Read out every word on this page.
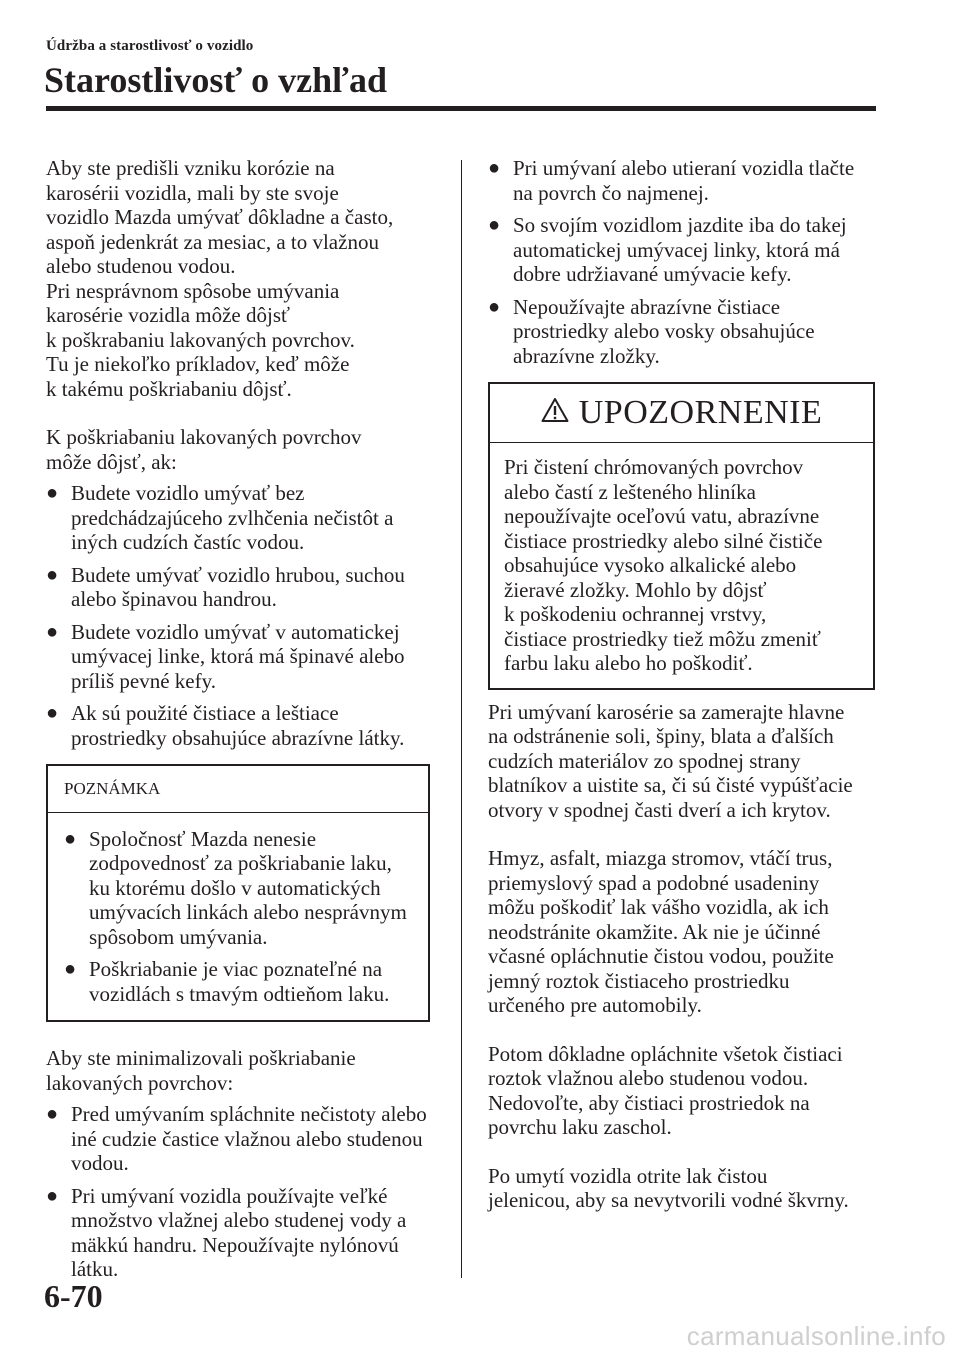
Údržba a starostlivosť o vozidlo
Starostlivosť o vzhľad
Aby ste predišli vzniku korózie na
karosérii vozidla, mali by ste svoje
vozidlo Mazda umývať dôkladne a často,
aspoň jedenkrát za mesiac, a to vlažnou
alebo studenou vodou.
Pri nesprávnom spôsobe umývania
karosérie vozidla môže dôjsť
k poškrabaniu lakovaných povrchov.
Tu je niekoľko príkladov, keď môže
k takému poškriabaniu dôjsť.
K poškriabaniu lakovaných povrchov
môže dôjsť, ak:
● Budete vozidlo umývať bez predchádzajúceho zvlhčenia nečistôt a iných cudzích častíc vodou.
● Budete umývať vozidlo hrubou, suchou alebo špinavou handrou.
● Budete vozidlo umývať v automatickej umývacej linke, ktorá má špinavé alebo príliš pevné kefy.
● Ak sú použité čistiace a leštiace prostriedky obsahujúce abrazívne látky.
POZNÁMKA
● Spoločnosť Mazda nenesie zodpovednosť za poškriabanie laku, ku ktorému došlo v automatických umývacích linkách alebo nesprávnym spôsobom umývania.
● Poškriabanie je viac poznateľné na vozidlách s tmavým odtieňom laku.
Aby ste minimalizovali poškriabanie
lakovaných povrchov:
● Pred umývaním spláchnite nečistoty alebo iné cudzie častice vlažnou alebo studenou vodou.
● Pri umývaní vozidla používajte veľké množstvo vlažnej alebo studenej vody a mäkkú handru. Nepoužívajte nylónovú látku.
● Pri umývaní alebo utieraní vozidla tlačte na povrch čo najmenej.
● So svojím vozidlom jazdite iba do takej automatickej umývacej linky, ktorá má dobre udržiavané umývacie kefy.
● Nepoužívajte abrazívne čistiace prostriedky alebo vosky obsahujúce abrazívne zložky.
UPOZORNENIE
Pri čistení chrómovaných povrchov
alebo častí z lešteného hliníka
nepoužívajte oceľovú vatu, abrazívne
čistiace prostriedky alebo silné čističe
obsahujúce vysoko alkalické alebo
žieravé zložky. Mohlo by dôjsť
k poškodeniu ochrannej vrstvy,
čistiace prostriedky tiež môžu zmeniť
farbu laku alebo ho poškodiť.
Pri umývaní karosérie sa zamerajte hlavne
na odstránenie soli, špiny, blata a ďalších
cudzích materiálov zo spodnej strany
blatníkov a uistite sa, či sú čisté vypúšťacie
otvory v spodnej časti dverí a ich krytov.
Hmyz, asfalt, miazga stromov, vtáčí trus,
priemyslový spad a podobné usadeniny
môžu poškodiť lak vášho vozidla, ak ich
neodstránite okamžite. Ak nie je účinné
včasné opláchnutie čistou vodou, použite
jemný roztok čistiaceho prostriedku
určeného pre automobily.
Potom dôkladne opláchnite všetok čistiaci
roztok vlažnou alebo studenou vodou.
Nedovoľte, aby čistiaci prostriedok na
povrchu laku zaschol.
Po umytí vozidla otrite lak čistou
jelenicou, aby sa nevytvorili vodné škvrny.
6-70
carmanualsonline.info
